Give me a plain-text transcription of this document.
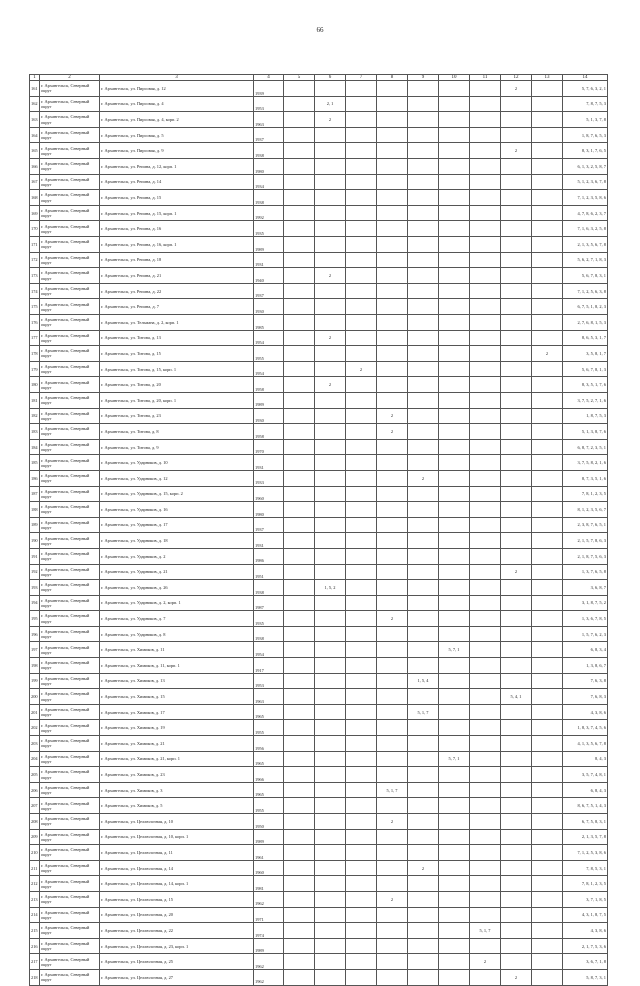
66
1	2	3	4	5	6	7	8	9	10	11	12	13	14
161	г. Архангельск, Северный округ	г. Архангельск, ул. Пирсовая, д. 12	1939								2		5, 7, 6, 3, 2, 1
162	г. Архангельск, Северный округ	г. Архангельск, ул. Пирсовая, д. 4	1953		2, 1								7, 8, 7, 5, 3
163	г. Архангельск, Северный округ	г. Архангельск, ул. Пирсовая, д. 4, корп. 2	1963		2								5, 1, 3, 7, 8
164	г. Архангельск, Северный округ	г. Архангельск, ул. Пирсовая, д. 5	1937										1, 8, 7, 6, 5, 3
165	г. Архангельск, Северный округ	г. Архангельск, ул. Пирсовая, д. 9	1938								2		8, 3, 1, 7, 6, 5
166	г. Архангельск, Северный округ	г. Архангельск, ул. Репина, д. 12, корп. 1	1980										6, 1, 3, 2, 5, 8, 7
167	г. Архангельск, Северный округ	г. Архангельск, ул. Репина, д. 14	1934										5, 1, 2, 3, 6, 7, 8
168	г. Архангельск, Северный округ	г. Архангельск, ул. Репина, д. 15	1938										7, 1, 2, 3, 5, 8, 6
169	г. Архангельск, Северный округ	г. Архангельск, ул. Репина, д. 15, корп. 1	1992										4, 7, 8, 6, 2, 3, 7
170	г. Архангельск, Северный округ	г. Архангельск, ул. Репина, д. 16	1935										7, 1, 6, 3, 2, 5, 8
171	г. Архангельск, Северный округ	г. Архангельск, ул. Репина, д. 16, корп. 1	1989										2, 1, 3, 5, 6, 7, 8
172	г. Архангельск, Северный округ	г. Архангельск, ул. Репина, д. 18	1931										5, 6, 2, 7, 1, 8, 3
173	г. Архангельск, Северный округ	г. Архангельск, ул. Репина, д. 21	1940		2								5, 6, 7, 8, 3, 1
174	г. Архангельск, Северный округ	г. Архангельск, ул. Репина, д. 22	1937										7, 1, 2, 5, 6, 3, 8
175	г. Архангельск, Северный округ	г. Архангельск, ул. Репина, д. 7	1930										6, 7, 5, 1, 8, 2, 3
176	г. Архангельск, Северный округ	г. Архангельск, ул. Тельмана, д. 2, корп. 1	1985										2, 7, 6, 8, 1, 5, 3
177	г. Архангельск, Северный округ	г. Архангельск, ул. Титова, д. 13	1954		2								8, 6, 5, 3, 1, 7
178	г. Архангельск, Северный округ	г. Архангельск, ул. Титова, д. 15	1955									2	3, 5, 8, 1, 7
179	г. Архангельск, Северный округ	г. Архангельск, ул. Титова, д. 15, корп. 1	1954			2							5, 6, 7, 8, 1, 3
180	г. Архангельск, Северный округ	г. Архангельск, ул. Титова, д. 20	1958		2								8, 3, 5, 1, 7, 6
181	г. Архангельск, Северный округ	г. Архангельск, ул. Титова, д. 20, корп. 1	1989										3, 7, 5, 2, 7, 1, 6
182	г. Архангельск, Северный округ	г. Архангельск, ул. Титова, д. 23	1930				2						1, 8, 7, 5, 3
183	г. Архангельск, Северный округ	г. Архангельск, ул. Титова, д. 8	1958				2						5, 1, 3, 8, 7, 6
184	г. Архангельск, Северный округ	г. Архангельск, ул. Титова, д. 9	1970										6, 8, 7, 2, 3, 5, 1
185	г. Архангельск, Северный округ	г. Архангельск, ул. Ударников, д. 10	1931										3, 7, 5, 8, 2, 1, 6
186	г. Архангельск, Северный округ	г. Архангельск, ул. Ударников, д. 12	1933					2					8, 7, 3, 5, 1, 6
187	г. Архангельск, Северный округ	г. Архангельск, ул. Ударников, д. 15, корп. 2	1960										7, 8, 1, 2, 3, 5
188	г. Архангельск, Северный округ	г. Архангельск, ул. Ударников, д. 16	1980										8, 1, 2, 3, 5, 6, 7
189	г. Архангельск, Северный округ	г. Архангельск, ул. Ударников, д. 17	1937										2, 3, 8, 7, 6, 5, 1
190	г. Архангельск, Северный округ	г. Архангельск, ул. Ударников, д. 18	1931										2, 1, 5, 7, 8, 6, 3
191	г. Архангельск, Северный округ	г. Архангельск, ул. Ударников, д. 2	1986										2, 1, 8, 7, 5, 6, 3
192	г. Архангельск, Северный округ	г. Архангельск, ул. Ударников, д. 21	1951								2		1, 3, 7, 6, 5, 8
193	г. Архангельск, Северный округ	г. Архангельск, ул. Ударников, д. 26	1938		1, 5, 2								3, 6, 8, 7
194	г. Архангельск, Северный округ	г. Архангельск, ул. Ударников, д. 2, корп. 1	1987										3, 1, 8, 7, 5, 2
195	г. Архангельск, Северный округ	г. Архангельск, ул. Ударников, д. 7	1935				2						1, 3, 6, 7, 8, 5
196	г. Архангельск, Северный округ	г. Архангельск, ул. Ударников, д. 8	1938										1, 5, 7, 6, 2, 3
197	г. Архангельск, Северный округ	г. Архангельск, ул. Химиков, д. 11	1954						5, 7, 1				6, 8, 3, 4
198	г. Архангельск, Северный округ	г. Архангельск, ул. Химиков, д. 11, корп. 1	1917										1, 3, 8, 6, 7
199	г. Архангельск, Северный округ	г. Архангельск, ул. Химиков, д. 13	1953					1, 5, 4					7, 6, 3, 8
200	г. Архангельск, Северный округ	г. Архангельск, ул. Химиков, д. 15	1963								5, 4, 1		7, 6, 8, 3
201	г. Архангельск, Северный округ	г. Архангельск, ул. Химиков, д. 17	1965					5, 1, 7					4, 3, 8, 6
202	г. Архангельск, Северный округ	г. Архангельск, ул. Химиков, д. 19	1955										1, 8, 3, 7, 4, 5, 6
203	г. Архангельск, Северный округ	г. Архангельск, ул. Химиков, д. 21	1956										4, 1, 3, 5, 6, 7, 8
204	г. Архангельск, Северный округ	г. Архангельск, ул. Химиков, д. 21, корп. 1	1965						5, 7, 1				8, 4, 3
205	г. Архангельск, Северный округ	г. Архангельск, ул. Химиков, д. 23	1966										3, 5, 7, 4, 8, 1
206	г. Архангельск, Северный округ	г. Архангельск, ул. Химиков, д. 3	1965				5, 1, 7						6, 8, 4, 3
207	г. Архангельск, Северный округ	г. Архангельск, ул. Химиков, д. 5	1955										8, 6, 7, 5, 1, 4, 3
208	г. Архангельск, Северный округ	г. Архангельск, ул. Целлюлозная, д. 10	1950				2						6, 7, 5, 8, 3, 1
209	г. Архангельск, Северный округ	г. Архангельск, ул. Целлюлозная, д. 10, корп. 1	1989										2, 1, 3, 5, 7, 8
210	г. Архангельск, Северный округ	г. Архангельск, ул. Целлюлозная, д. 11	1961										7, 1, 2, 5, 3, 8, 6
211	г. Архангельск, Северный округ	г. Архангельск, ул. Целлюлозная, д. 14	1960					2					7, 8, 5, 3, 1
212	г. Архангельск, Северный округ	г. Архангельск, ул. Целлюлозная, д. 14, корп. 1	1981										7, 8, 1, 2, 3, 5
213	г. Архангельск, Северный округ	г. Архангельск, ул. Целлюлозная, д. 15	1962				2						3, 7, 1, 8, 5
214	г. Архангельск, Северный округ	г. Архангельск, ул. Целлюлозная, д. 20	1971										4, 3, 1, 8, 7, 5
215	г. Архангельск, Северный округ	г. Архангельск, ул. Целлюлозная, д. 22	1974							5, 1, 7			4, 3, 8, 6
216	г. Архангельск, Северный округ	г. Архангельск, ул. Целлюлозная, д. 23, корп. 1	1989										2, 1, 7, 5, 3, 6
217	г. Архангельск, Северный округ	г. Архангельск, ул. Целлюлозная, д. 25	1962							2			3, 6, 7, 1, 8
218	г. Архангельск, Северный округ	г. Архангельск, ул. Целлюлозная, д. 27	1962								2		5, 8, 7, 3, 1
